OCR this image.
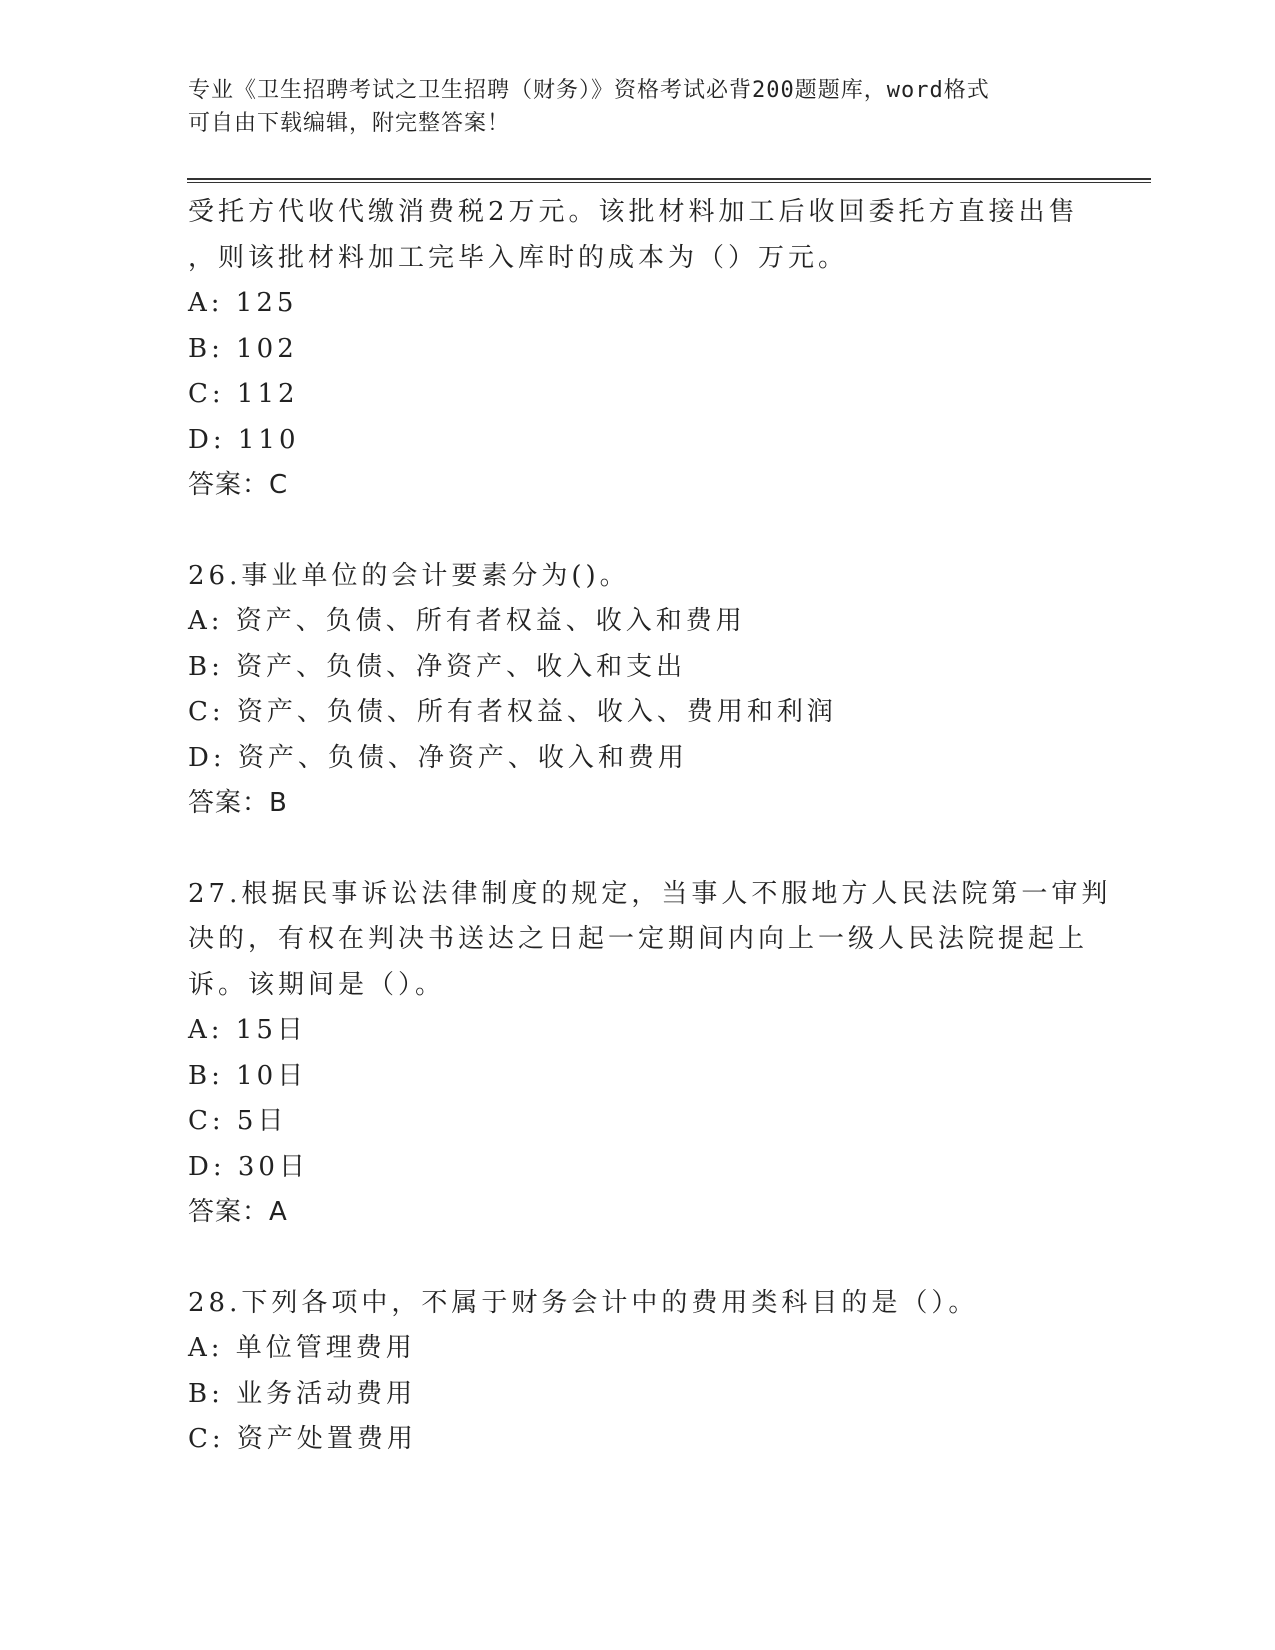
专业《卫生招聘考试之卫生招聘（财务）》资格考试必背200题题库，word格式
可自由下载编辑，附完整答案！
受托方代收代缴消费税2万元。该批材料加工后收回委托方直接出售
，则该批材料加工完毕入库时的成本为（）万元。
A: 125
B: 102
C: 112
D: 110
答案：C
26.事业单位的会计要素分为()。
A: 资产、负债、所有者权益、收入和费用
B: 资产、负债、净资产、收入和支出
C: 资产、负债、所有者权益、收入、费用和利润
D: 资产、负债、净资产、收入和费用
答案：B
27.根据民事诉讼法律制度的规定，当事人不服地方人民法院第一审判
决的，有权在判决书送达之日起一定期间内向上一级人民法院提起上
诉。该期间是（）。
A: 15日
B: 10日
C: 5日
D: 30日
答案：A
28.下列各项中，不属于财务会计中的费用类科目的是（）。
A: 单位管理费用
B: 业务活动费用
C: 资产处置费用
